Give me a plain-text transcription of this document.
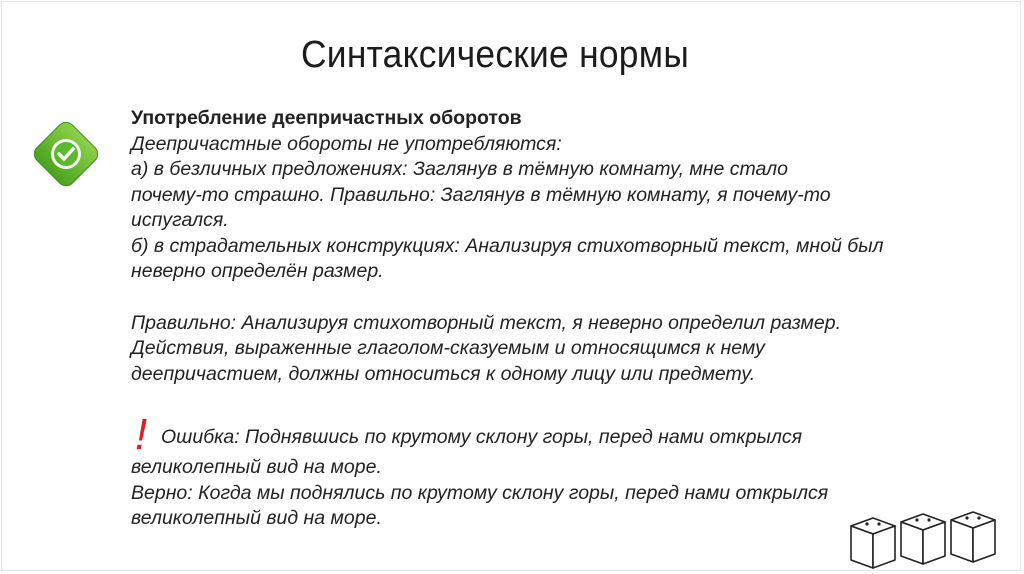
Синтаксические нормы
Употребление деепричастных оборотов
Деепричастные обороты не употребляются:
а) в безличных предложениях: Заглянув в тёмную комнату, мне стало
почему-то страшно. Правильно: Заглянув в тёмную комнату, я почему-то
испугался.
б) в страдательных конструкциях: Анализируя стихотворный текст, мной был
неверно определён размер.
Правильно: Анализируя стихотворный текст, я неверно определил размер.
Действия, выраженные глаголом-сказуемым и относящимся к нему
деепричастием, должны относиться к одному лицу или предмету.
! Ошибка: Поднявшись по крутому склону горы, перед нами открылся
великолепный вид на море.
Верно: Когда мы поднялись по крутому склону горы, перед нами открылся
великолепный вид на море.
